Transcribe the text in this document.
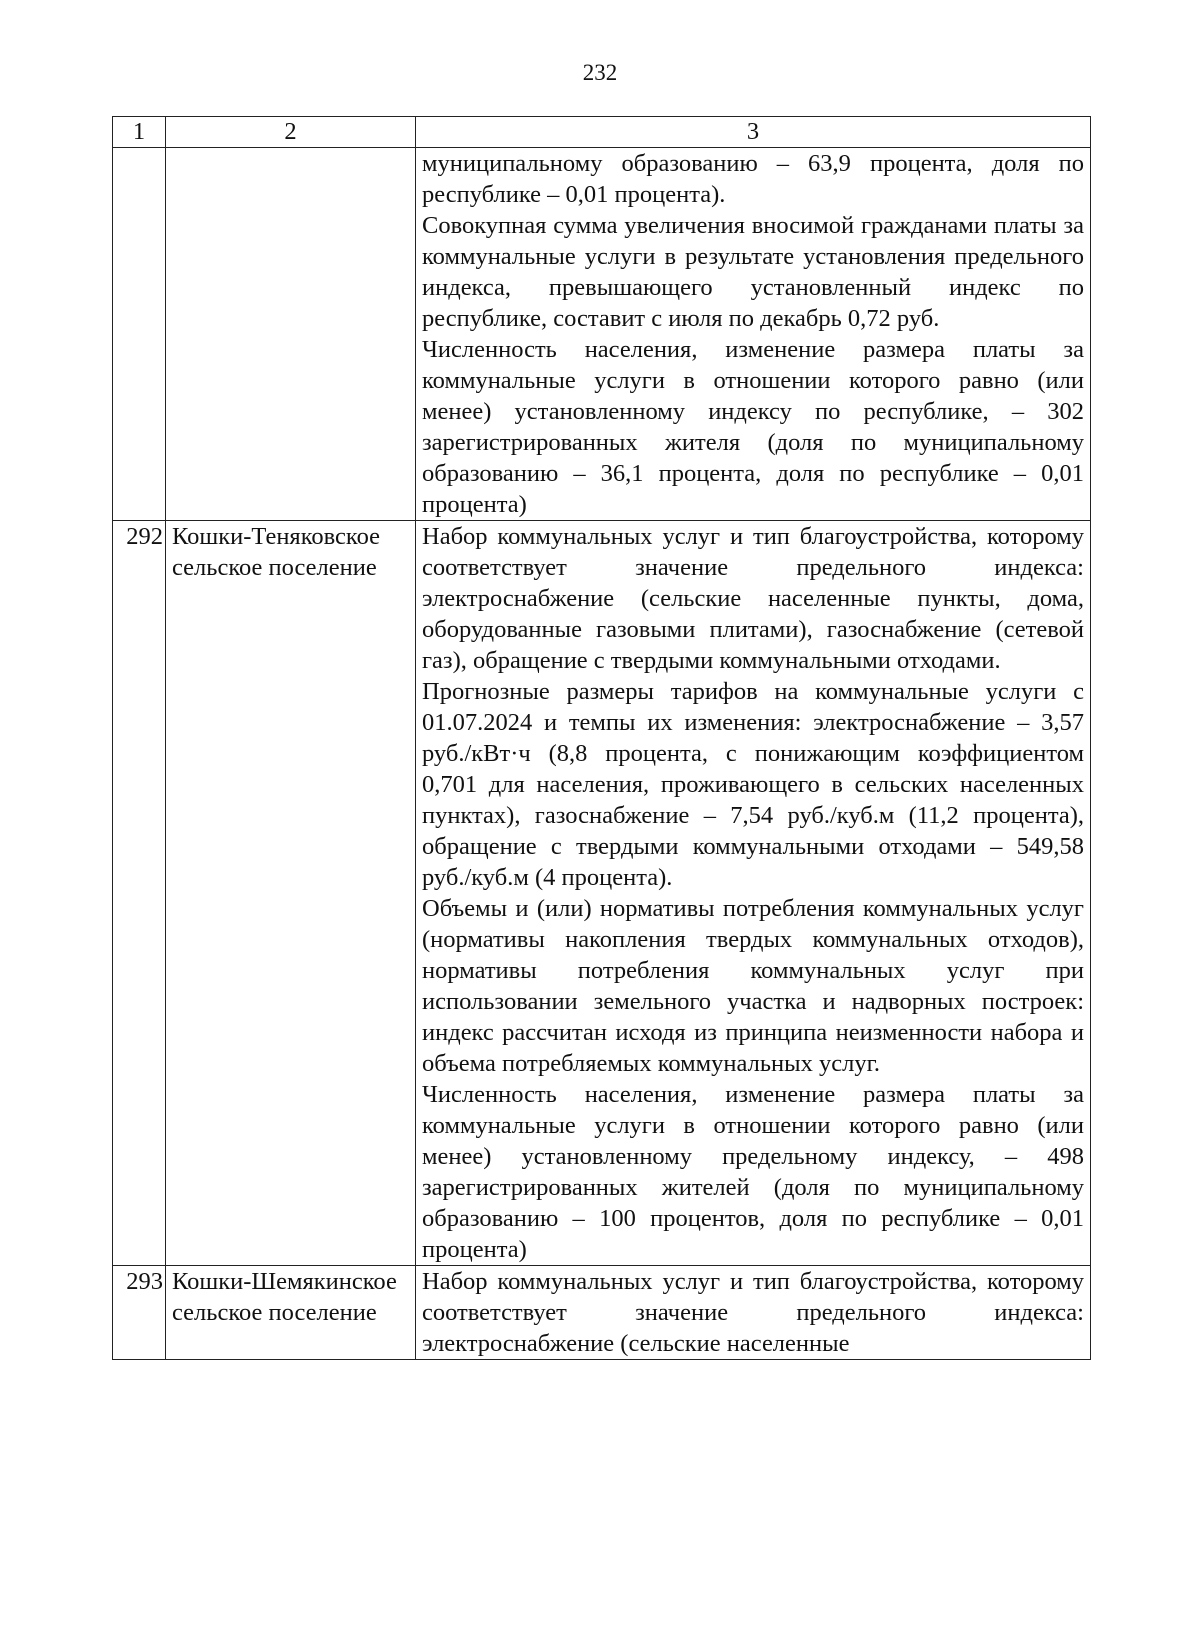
232
1	2	3

		муниципальному образованию – 63,9 процента, доля по республике – 0,01 процента).

Совокупная сумма увеличения вносимой гражданами платы за коммунальные услуги в результате установления предельного индекса, превышающего установленный индекс по республике, составит с июля по декабрь 0,72 руб.

Численность населения, изменение размера платы за коммунальные услуги в отношении которого равно (или менее) установленному индексу по республике, – 302 зарегистрированных жителя (доля по муниципальному образованию – 36,1 процента, доля по республике – 0,01 процента)

292	Кошки-Теняковское сельское поселение	Набор коммунальных услуг и тип благоустройства, которому соответствует значение предельного индекса: электроснабжение (сельские населенные пункты, дома, оборудованные газовыми плитами), газоснабжение (сетевой газ), обращение с твердыми коммунальными отходами.

Прогнозные размеры тарифов на коммунальные услуги с 01.07.2024 и темпы их изменения: электроснабжение – 3,57 руб./кВт·ч (8,8 процента, с понижающим коэффициентом 0,701 для населения, проживающего в сельских населенных пунктах), газоснабжение – 7,54 руб./куб.м (11,2 процента), обращение с твердыми коммунальными отходами – 549,58 руб./куб.м (4 процента).

Объемы и (или) нормативы потребления коммунальных услуг (нормативы накопления твердых коммунальных отходов), нормативы потребления коммунальных услуг при использовании земельного участка и надворных построек: индекс рассчитан исходя из принципа неизменности набора и объема потребляемых коммунальных услуг.

Численность населения, изменение размера платы за коммунальные услуги в отношении которого равно (или менее) установленному предельному индексу, – 498 зарегистрированных жителей (доля по муниципальному образованию – 100 процентов, доля по республике – 0,01 процента)

293	Кошки-Шемякинское сельское поселение	Набор коммунальных услуг и тип благоустройства, которому соответствует значение предельного индекса: электроснабжение (сельские населенные
